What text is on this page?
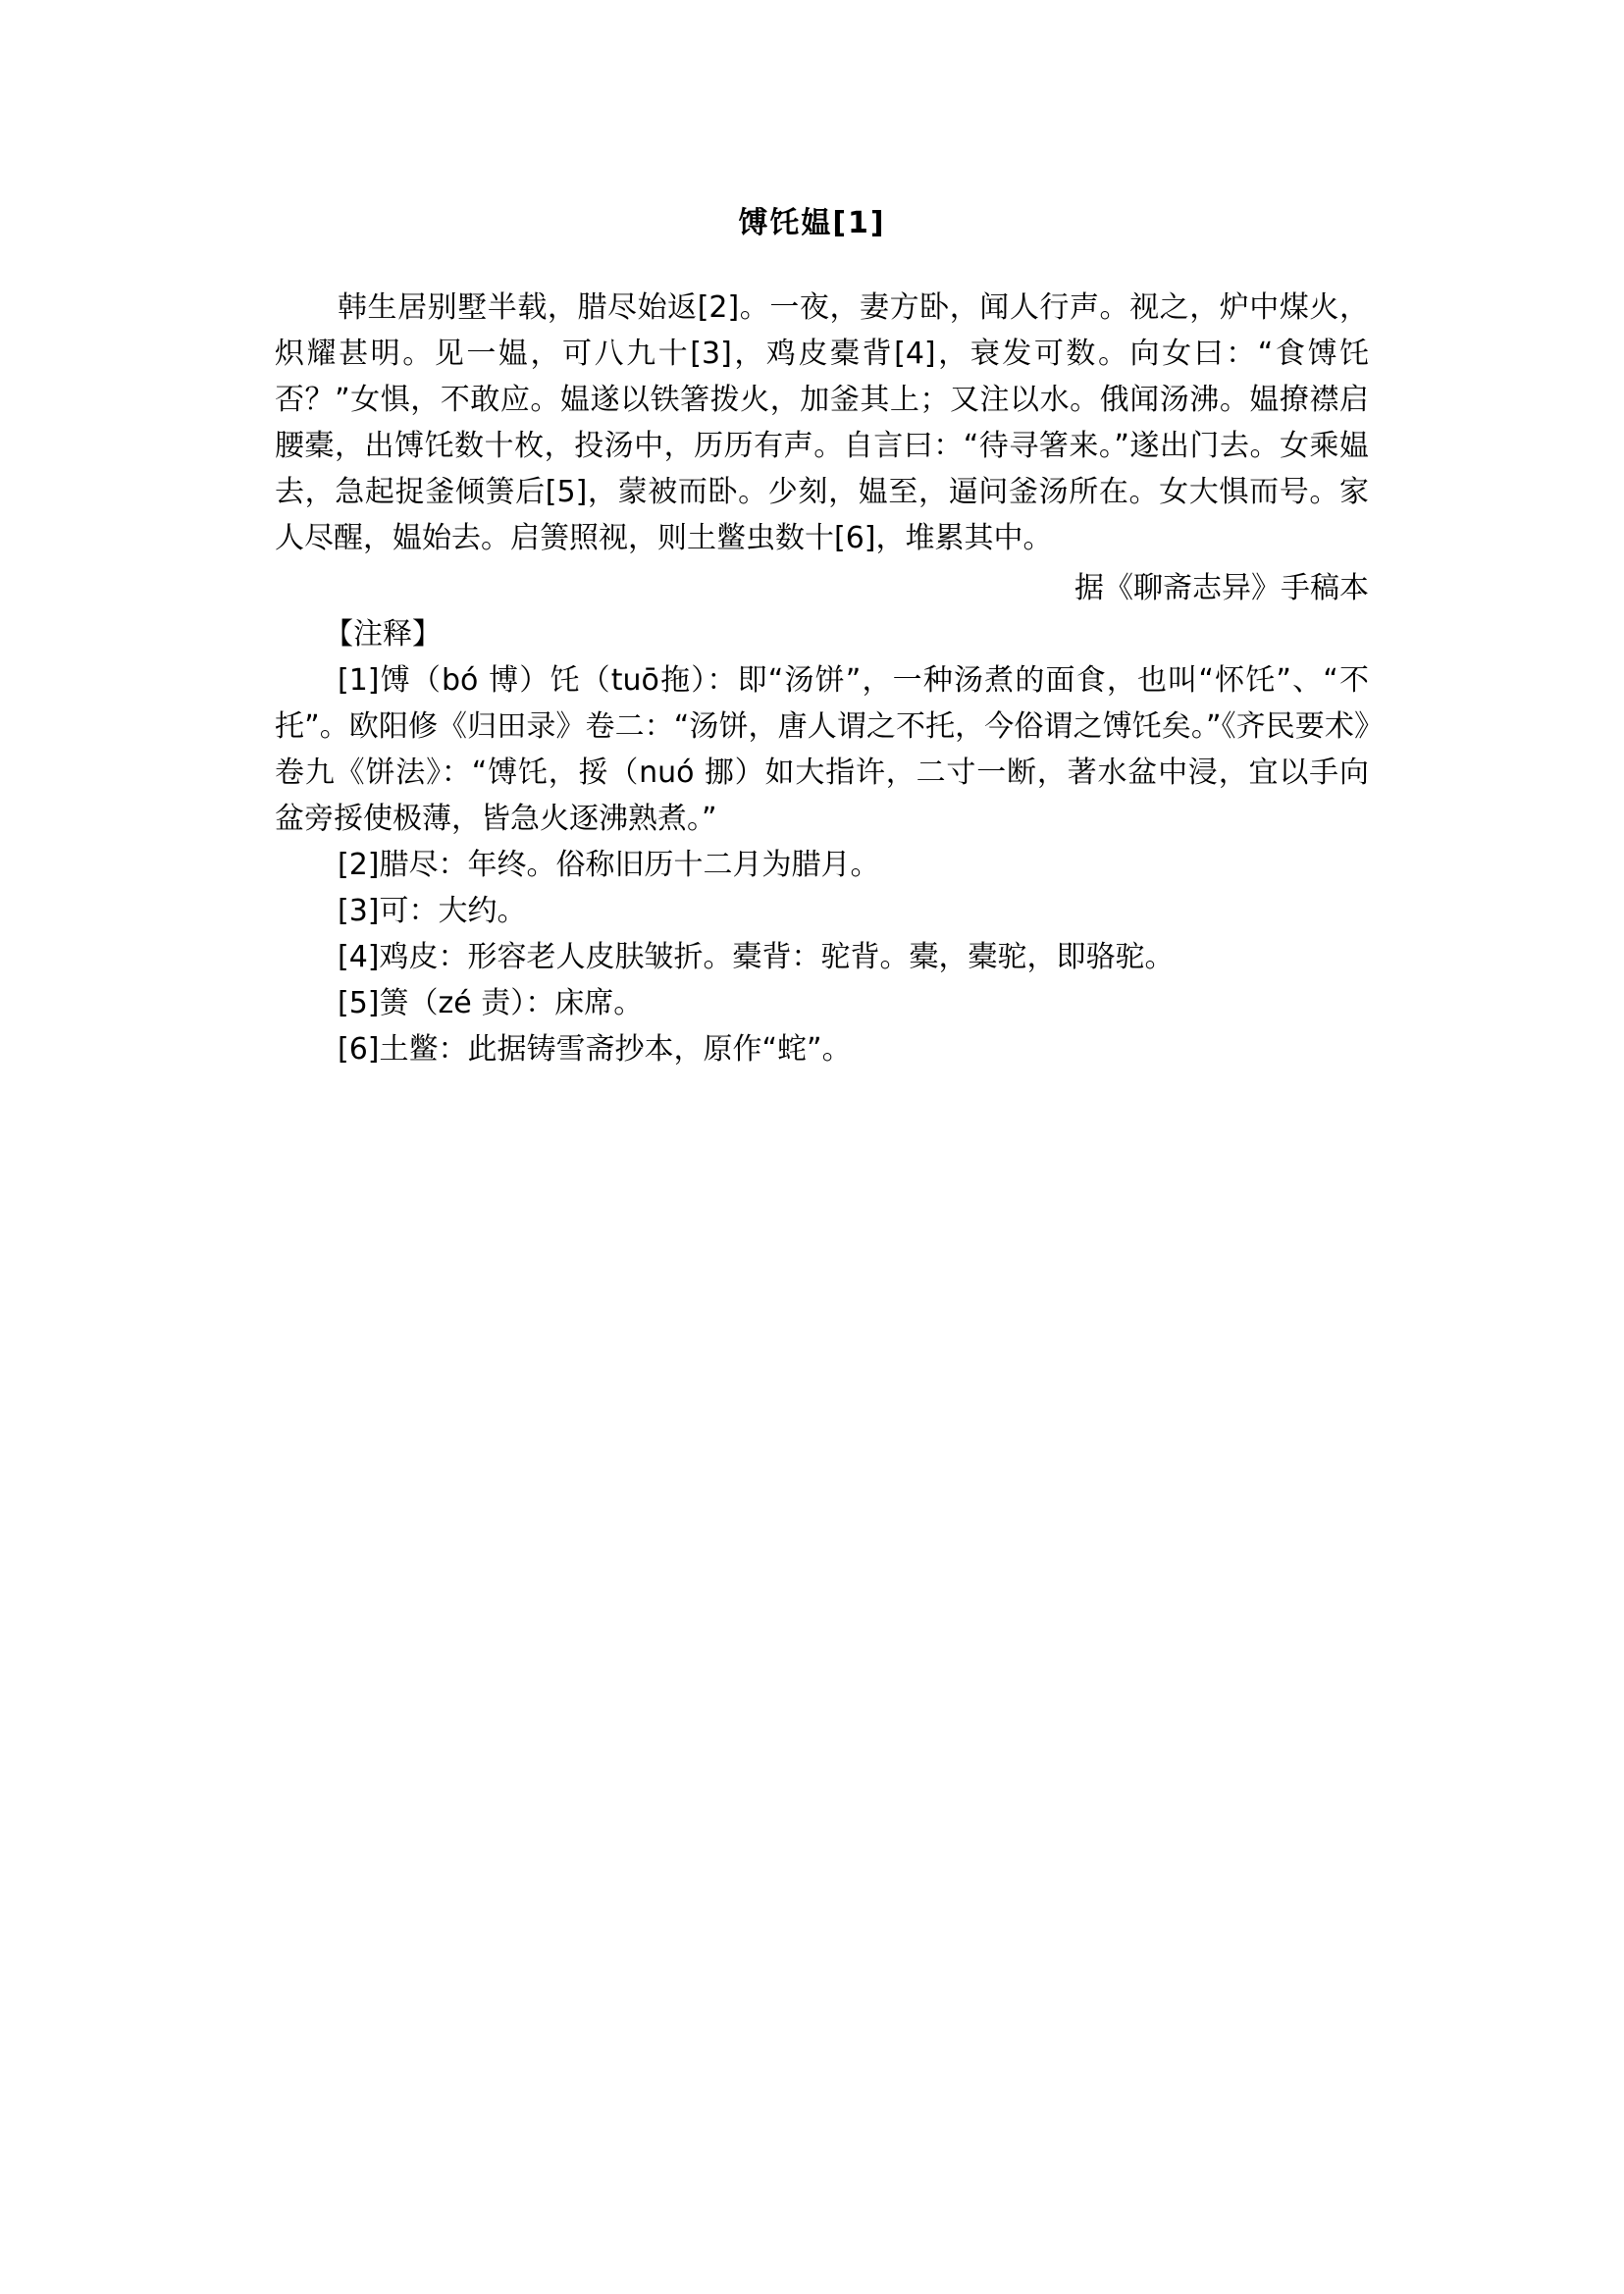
馎饦媪[1]

韩生居别墅半载，腊尽始返[2]。一夜，妻方卧，闻人行声。视之，炉中煤火，炽耀甚明。见一媪，可八九十[3]，鸡皮橐背[4]，衰发可数。向女曰：“食馎饦否？”女惧，不敢应。媪遂以铁箸拨火，加釜其上；又注以水。俄闻汤沸。媪撩襟启腰橐，出馎饦数十枚，投汤中，历历有声。自言曰：“待寻箸来。”遂出门去。女乘媪去，急起捉釜倾箦后[5]，蒙被而卧。少刻，媪至，逼问釜汤所在。女大惧而号。家人尽醒，媪始去。启箦照视，则土鳖虫数十[6]，堆累其中。

据《聊斋志异》手稿本

【注释】

[1]馎（bó 博）饦（tuō拖）：即“汤饼”，一种汤煮的面食，也叫“怀饦”、“不托”。欧阳修《归田录》卷二：“汤饼，唐人谓之不托，今俗谓之馎饦矣。”《齐民要术》卷九《饼法》：“馎饦，挼（nuó 挪）如大指许，二寸一断，著水盆中浸，宜以手向盆旁挼使极薄，皆急火逐沸熟煮。”

[2]腊尽：年终。俗称旧历十二月为腊月。

[3]可：大约。

[4]鸡皮：形容老人皮肤皱折。橐背：驼背。橐，橐驼，即骆驼。

[5]箦（zé 责）：床席。

[6]土鳖：此据铸雪斋抄本，原作“䖳”。
